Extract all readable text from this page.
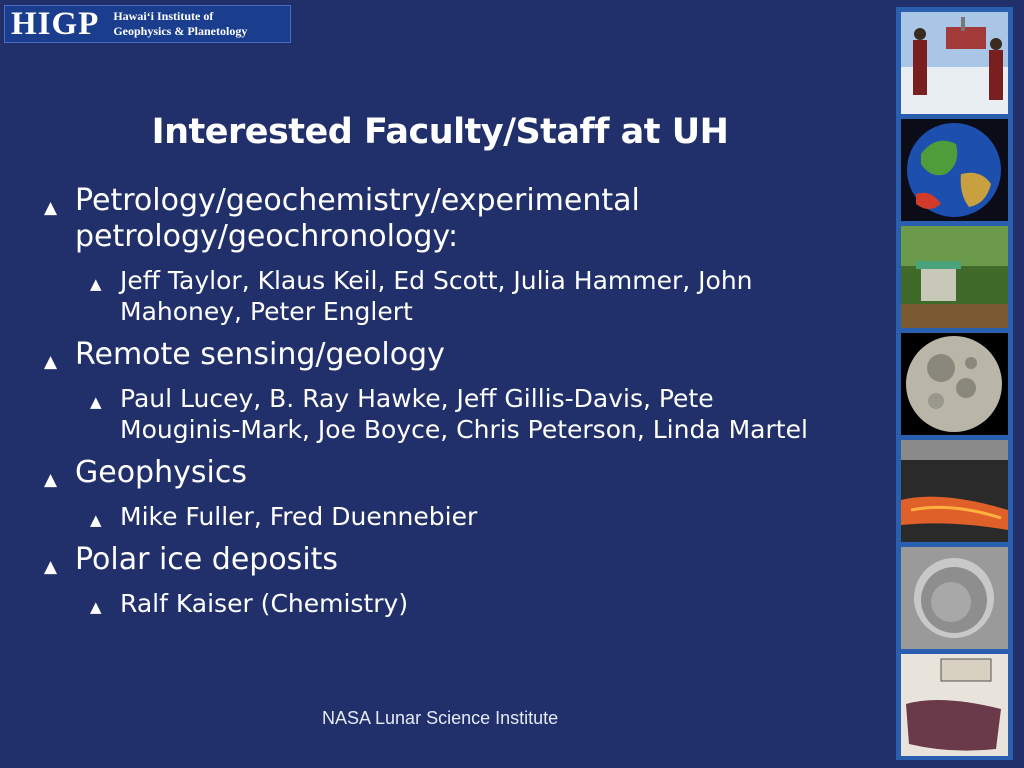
HIGP Hawaiʻi Institute of
Geophysics & Planetology
Interested Faculty/Staff at UH
▲ Petrology/geochemistry/experimental petrology/geochronology:
▲ Jeff Taylor, Klaus Keil, Ed Scott, Julia Hammer, John Mahoney, Peter Englert
▲ Remote sensing/geology
▲ Paul Lucey, B. Ray Hawke, Jeff Gillis-Davis, Pete Mouginis-Mark, Joe Boyce, Chris Peterson, Linda Martel
▲ Geophysics
▲ Mike Fuller, Fred Duennebier
▲ Polar ice deposits
▲ Ralf Kaiser (Chemistry)
NASA Lunar Science Institute
